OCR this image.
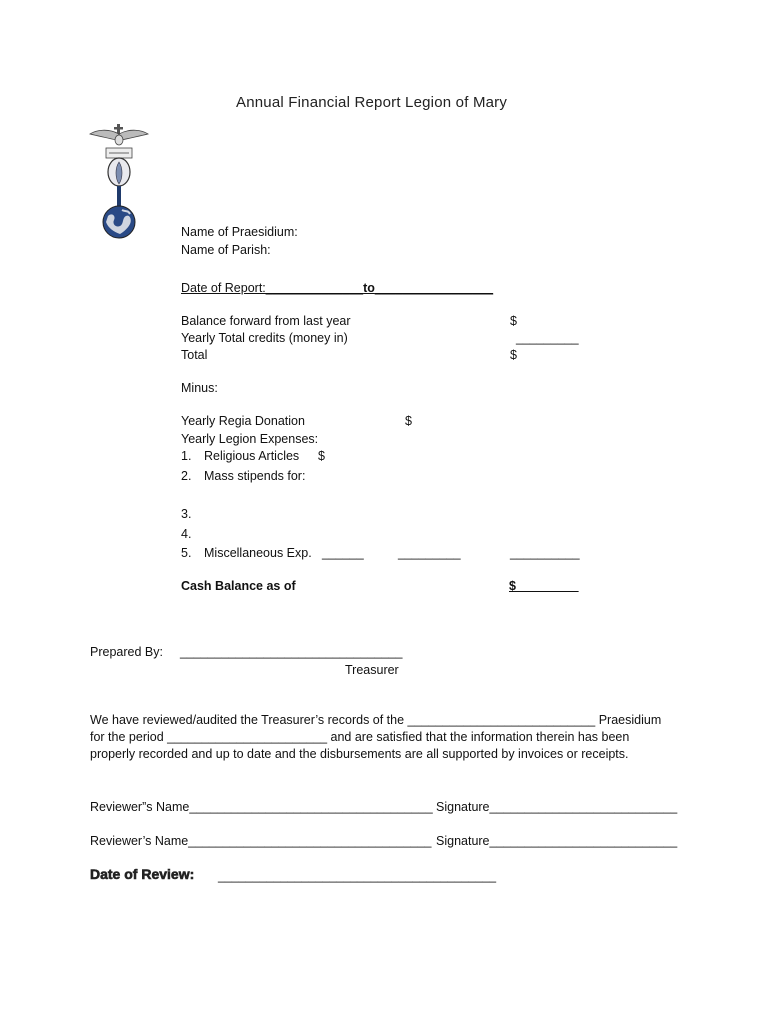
Annual Financial Report Legion of Mary
Name of Praesidium:
Name of Parish:
Date of Report:______________to_________________
Balance forward from last year	$
Yearly Total credits (money in)	_________
Total	$
Minus:
Yearly Regia Donation	$
Yearly Legion Expenses:
1. Religious Articles $
2. Mass stipends for:
3.
4.
5. Miscellaneous Exp. ______	_________	__________
Cash Balance as of	$_________
Prepared By: ________________________________
Treasurer
We have reviewed/audited the Treasurer’s records of the ___________________________ Praesidium
for the period _______________________ and are satisfied that the information therein has been
properly recorded and up to date and the disbursements are all supported by invoices or receipts.
Reviewer”s Name___________________________________ Signature___________________________
Reviewer’s Name___________________________________ Signature___________________________
Date of Review: ________________________________________
